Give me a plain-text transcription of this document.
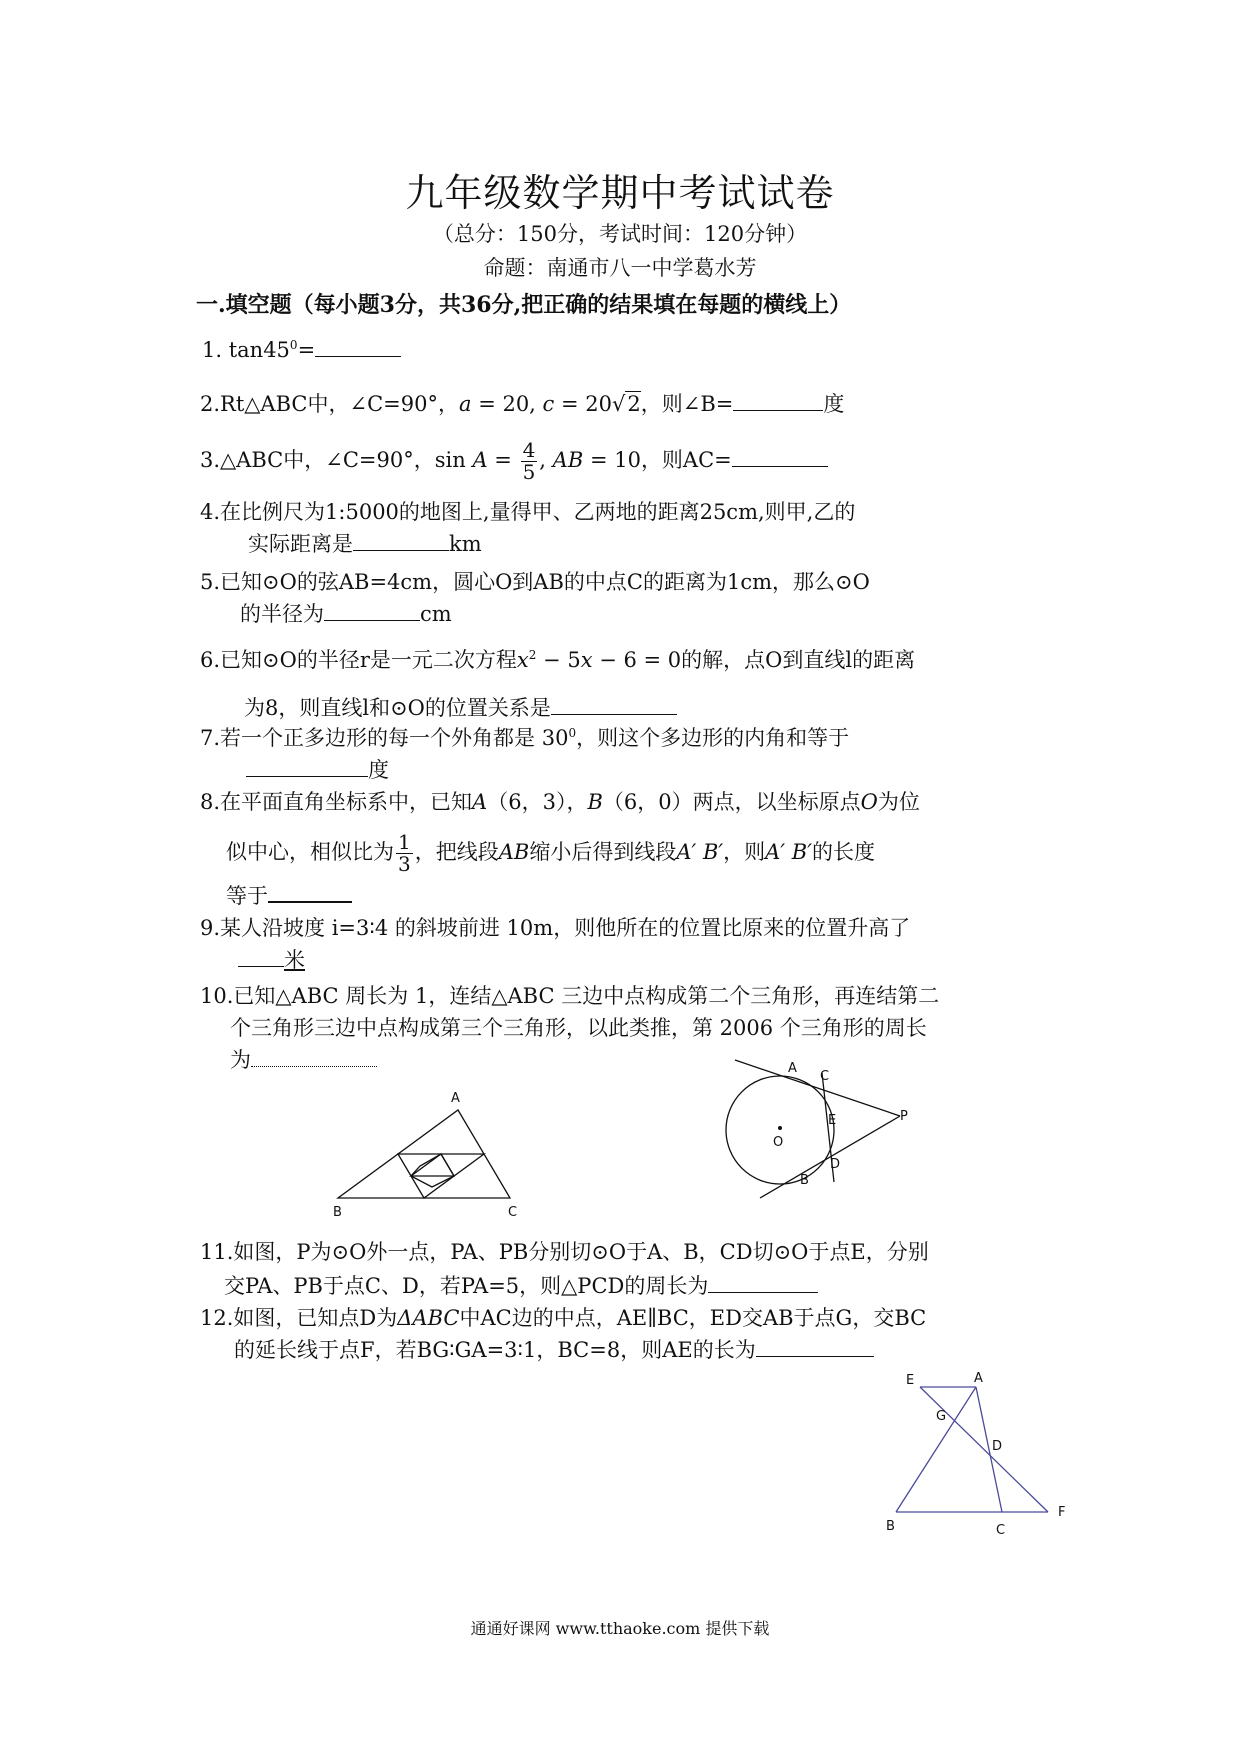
九年级数学期中考试试卷
（总分：150分，考试时间：120分钟）
命题：南通市八一中学葛水芳
一.填空题（每小题3分，共36分,把正确的结果填在每题的横线上）
1. $\tan 45^0=$
2.Rt△ABC中，∠C=90°，a = 20, c = 20√2，则∠B=	度
3.△ABC中，∠C=90°，$\sin A = \frac{4}{5}$ , AB = 10，则AC=
4.在比例尺为1:5000的地图上,量得甲、乙两地的距离25cm,则甲,乙的
实际距离是	km
5.已知⊙O的弦AB=4cm，圆心O到AB的中点C的距离为1cm，那么⊙O
的半径为	cm
6.已知⊙O的半径r是一元二次方程$x^2 - 5x - 6 = 0$的解，点O到直线l的距离
为8，则直线l和⊙O的位置关系是
7.若一个正多边形的每一个外角都是 $30^0$，则这个多边形的内角和等于
度
8.在平面直角坐标系中，已知A（6，3），B（6，0）两点，以坐标原点O为位
似中心，相似比为 $\frac{1}{3}$ ，把线段AB缩小后得到线段A′ B′，则A′ B′的长度
等于
9.某人沿坡度 i=3∶4 的斜坡前进 10m，则他所在的位置比原来的位置升高了
米
10.已知△ABC 周长为 1，连结△ABC 三边中点构成第二个三角形，再连结第二
个三角形三边中点构成第三个三角形，以此类推，第 2006 个三角形的周长
为
A
B	C
A
C
E	P
O
D
B
11.如图，P为⊙O外一点，PA、PB分别切⊙O于A、B，CD切⊙O于点E，分别
交PA、PB于点C、D，若PA=5，则△PCD的周长为
12.如图，已知点D为ΔABC中AC边的中点，AE∥BC，ED交AB于点G，交BC
的延长线于点F，若BG∶GA=3∶1，BC=8，则AE的长为
E	A
G
D
B	C
F
通通好课网 www.tthaoke.com 提供下载
